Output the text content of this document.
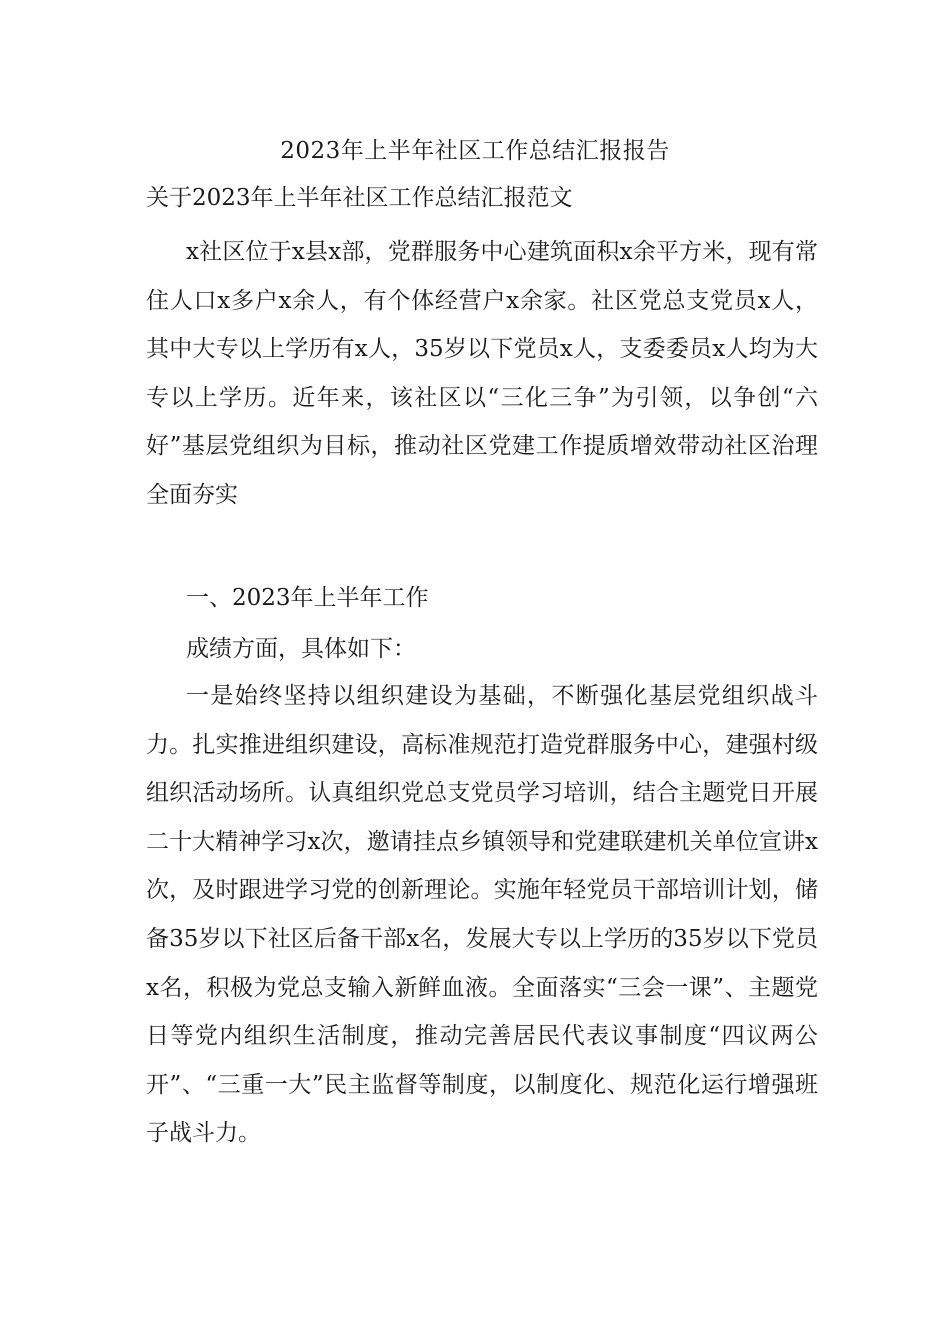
2023年上半年社区工作总结汇报报告
关于2023年上半年社区工作总结汇报范文

x社区位于x县x部，党群服务中心建筑面积x余平方米，现有常住人口x多户x余人，有个体经营户x余家。社区党总支党员x人，其中大专以上学历有x人，35岁以下党员x人，支委委员x人均为大专以上学历。近年来，该社区以“三化三争”为引领，以争创“六好”基层党组织为目标，推动社区党建工作提质增效带动社区治理全面夯实

一、2023年上半年工作
成绩方面，具体如下：

一是始终坚持以组织建设为基础，不断强化基层党组织战斗力。扎实推进组织建设，高标准规范打造党群服务中心，建强村级组织活动场所。认真组织党总支党员学习培训，结合主题党日开展二十大精神学习x次，邀请挂点乡镇领导和党建联建机关单位宣讲x次，及时跟进学习党的创新理论。实施年轻党员干部培训计划，储备35岁以下社区后备干部x名，发展大专以上学历的35岁以下党员x名，积极为党总支输入新鲜血液。全面落实“三会一课”、主题党日等党内组织生活制度，推动完善居民代表议事制度“四议两公开”、“三重一大”民主监督等制度，以制度化、规范化运行增强班子战斗力。
